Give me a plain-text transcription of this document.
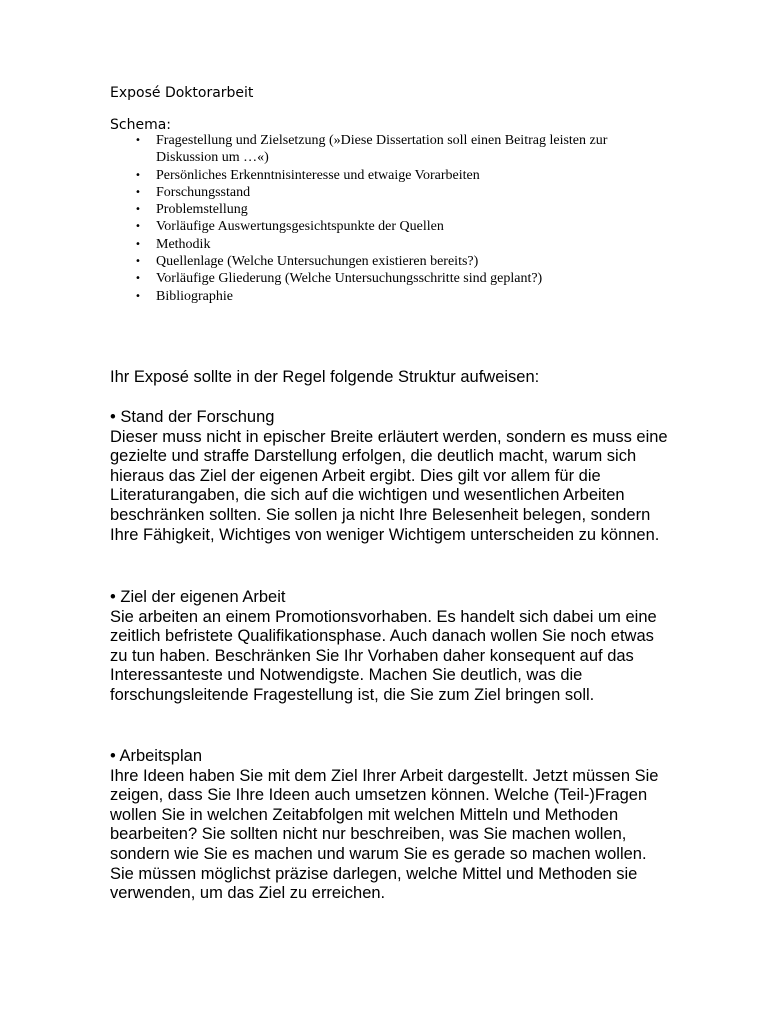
Exposé Doktorarbeit
Schema:
• Fragestellung und Zielsetzung (»Diese Dissertation soll einen Beitrag leisten zur Diskussion um …«)
• Persönliches Erkenntnisinteresse und etwaige Vorarbeiten
• Forschungsstand
• Problemstellung
• Vorläufige Auswertungsgesichtspunkte der Quellen
• Methodik
• Quellenlage (Welche Untersuchungen existieren bereits?)
• Vorläufige Gliederung (Welche Untersuchungsschritte sind geplant?)
• Bibliographie

Ihr Exposé sollte in der Regel folgende Struktur aufweisen:

• Stand der Forschung
Dieser muss nicht in epischer Breite erläutert werden, sondern es muss eine gezielte und straffe Darstellung erfolgen, die deutlich macht, warum sich hieraus das Ziel der eigenen Arbeit ergibt. Dies gilt vor allem für die Literaturangaben, die sich auf die wichtigen und wesentlichen Arbeiten beschränken sollten. Sie sollen ja nicht Ihre Belesenheit belegen, sondern Ihre Fähigkeit, Wichtiges von weniger Wichtigem unterscheiden zu können.
• Ziel der eigenen Arbeit
Sie arbeiten an einem Promotionsvorhaben. Es handelt sich dabei um eine zeitlich befristete Qualifikationsphase. Auch danach wollen Sie noch etwas zu tun haben. Beschränken Sie Ihr Vorhaben daher konsequent auf das Interessanteste und Notwendigste. Machen Sie deutlich, was die forschungsleitende Fragestellung ist, die Sie zum Ziel bringen soll.
• Arbeitsplan
Ihre Ideen haben Sie mit dem Ziel Ihrer Arbeit dargestellt. Jetzt müssen Sie zeigen, dass Sie Ihre Ideen auch umsetzen können. Welche (Teil-)Fragen wollen Sie in welchen Zeitabfolgen mit welchen Mitteln und Methoden bearbeiten? Sie sollten nicht nur beschreiben, was Sie machen wollen, sondern wie Sie es machen und warum Sie es gerade so machen wollen. Sie müssen möglichst präzise darlegen, welche Mittel und Methoden sie verwenden, um das Ziel zu erreichen.
